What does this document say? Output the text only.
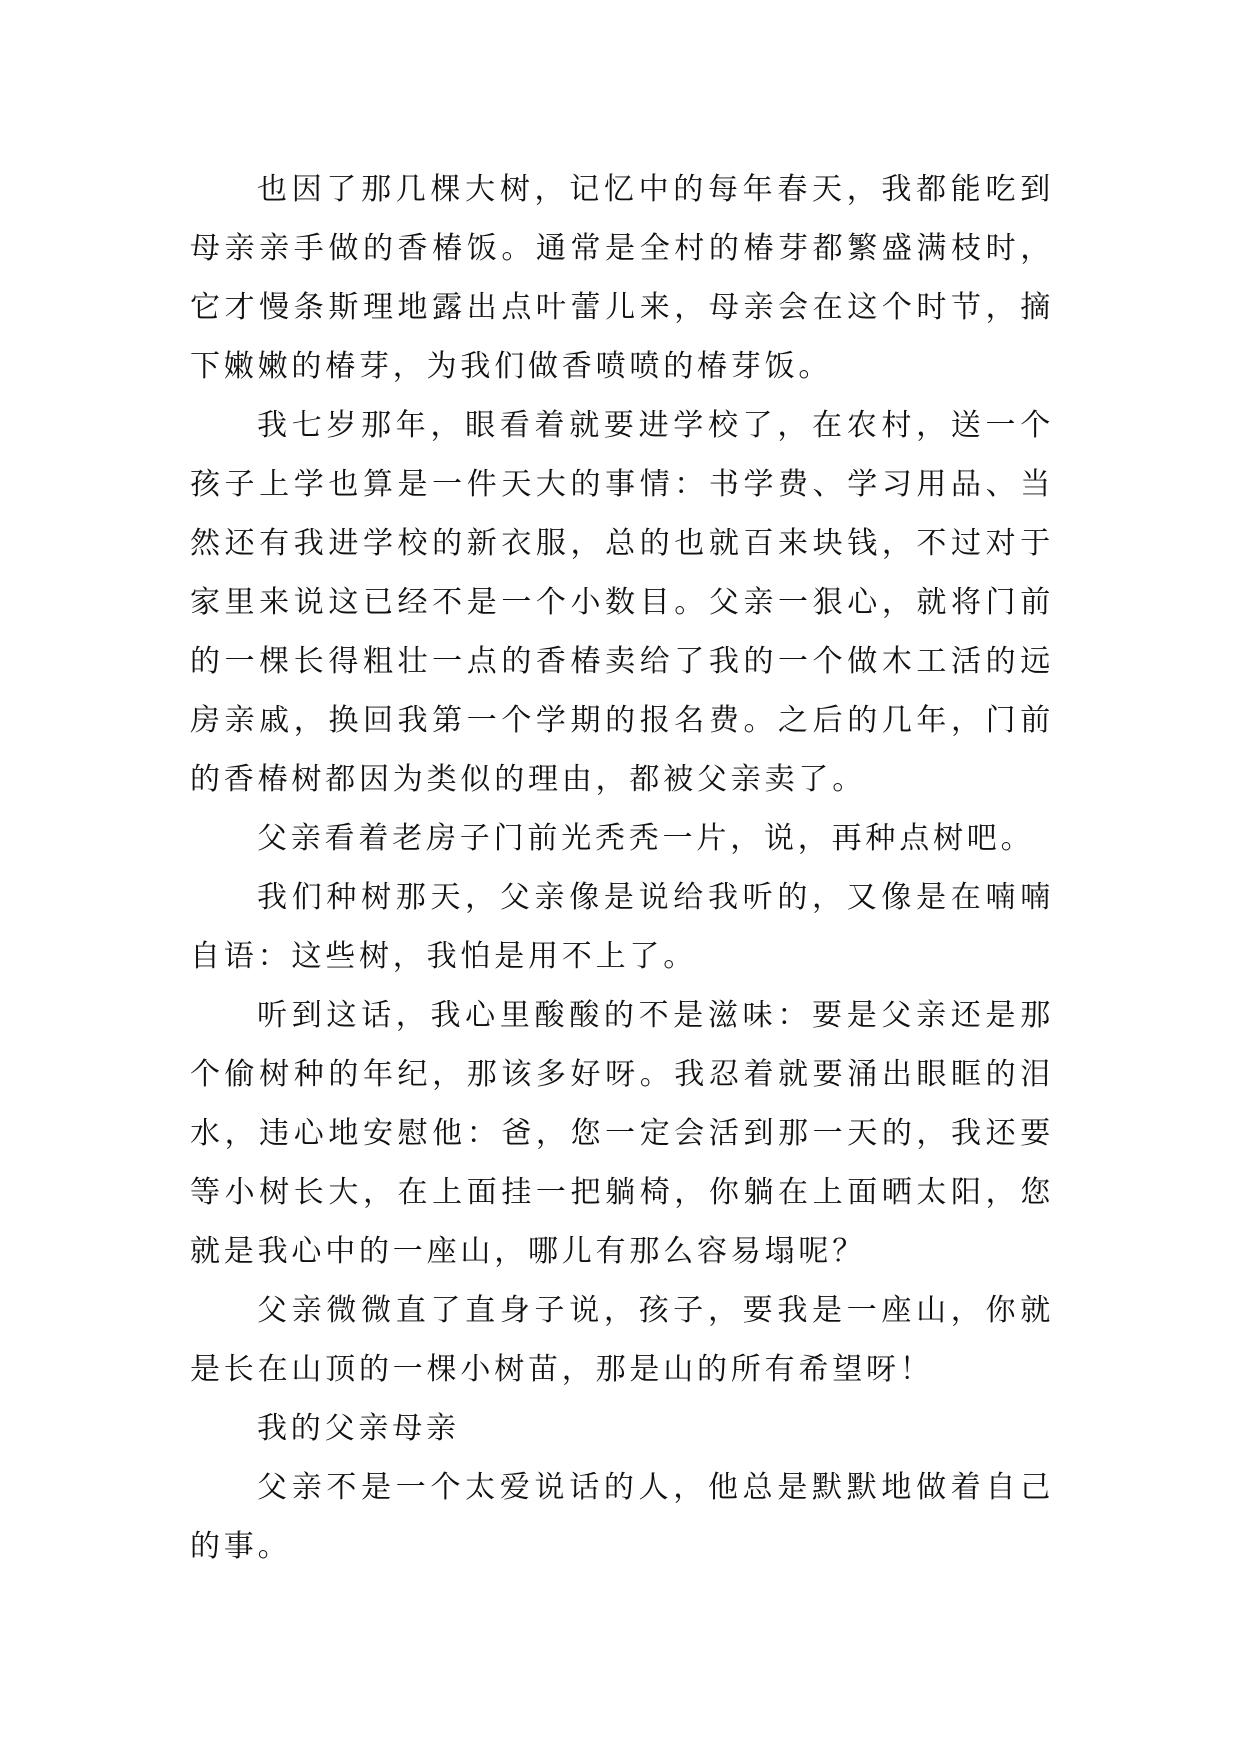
也因了那几棵大树，记忆中的每年春天，我都能吃到母亲亲手做的香椿饭。通常是全村的椿芽都繁盛满枝时，它才慢条斯理地露出点叶蕾儿来，母亲会在这个时节，摘下嫩嫩的椿芽，为我们做香喷喷的椿芽饭。

我七岁那年，眼看着就要进学校了，在农村，送一个孩子上学也算是一件天大的事情：书学费、学习用品、当然还有我进学校的新衣服，总的也就百来块钱，不过对于家里来说这已经不是一个小数目。父亲一狠心，就将门前的一棵长得粗壮一点的香椿卖给了我的一个做木工活的远房亲戚，换回我第一个学期的报名费。之后的几年，门前的香椿树都因为类似的理由，都被父亲卖了。

父亲看着老房子门前光秃秃一片，说，再种点树吧。

我们种树那天，父亲像是说给我听的，又像是在喃喃自语：这些树，我怕是用不上了。

听到这话，我心里酸酸的不是滋味：要是父亲还是那个偷树种的年纪，那该多好呀。我忍着就要涌出眼眶的泪水，违心地安慰他：爸，您一定会活到那一天的，我还要等小树长大，在上面挂一把躺椅，你躺在上面晒太阳，您就是我心中的一座山，哪儿有那么容易塌呢？

父亲微微直了直身子说，孩子，要我是一座山，你就是长在山顶的一棵小树苗，那是山的所有希望呀！

我的父亲母亲

父亲不是一个太爱说话的人，他总是默默地做着自己的事。
